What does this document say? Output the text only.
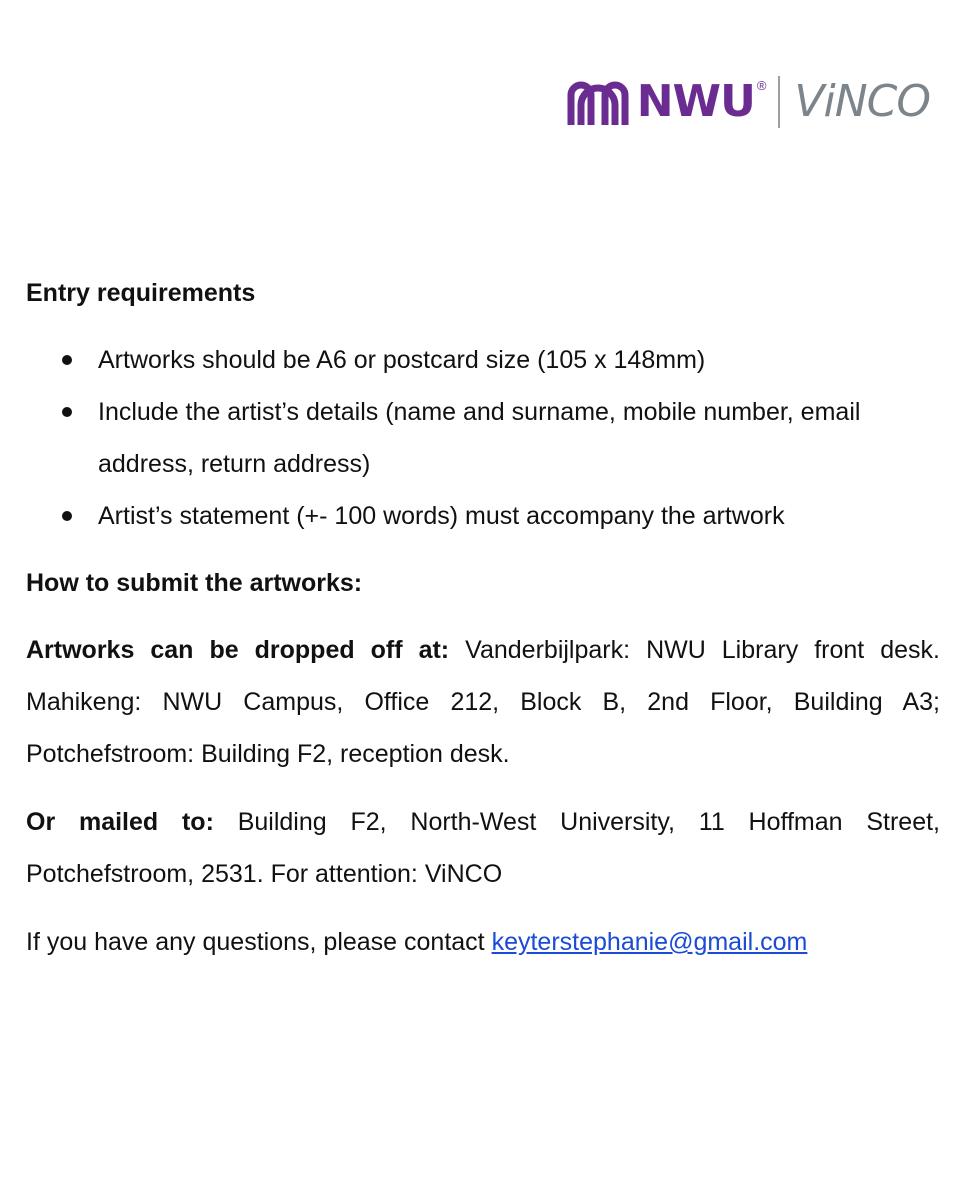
NWU ® ViNCO

Entry requirements

Artworks should be A6 or postcard size (105 x 148mm)
Include the artist’s details (name and surname, mobile number, email address, return address)
Artist’s statement (+- 100 words) must accompany the artwork

How to submit the artworks:

Artworks can be dropped off at: Vanderbijlpark: NWU Library front desk. Mahikeng: NWU Campus, Office 212, Block B, 2nd Floor, Building A3; Potchefstroom: Building F2, reception desk.

Or mailed to: Building F2, North-West University, 11 Hoffman Street, Potchefstroom, 2531. For attention: ViNCO

If you have any questions, please contact keyterstephanie@gmail.com
